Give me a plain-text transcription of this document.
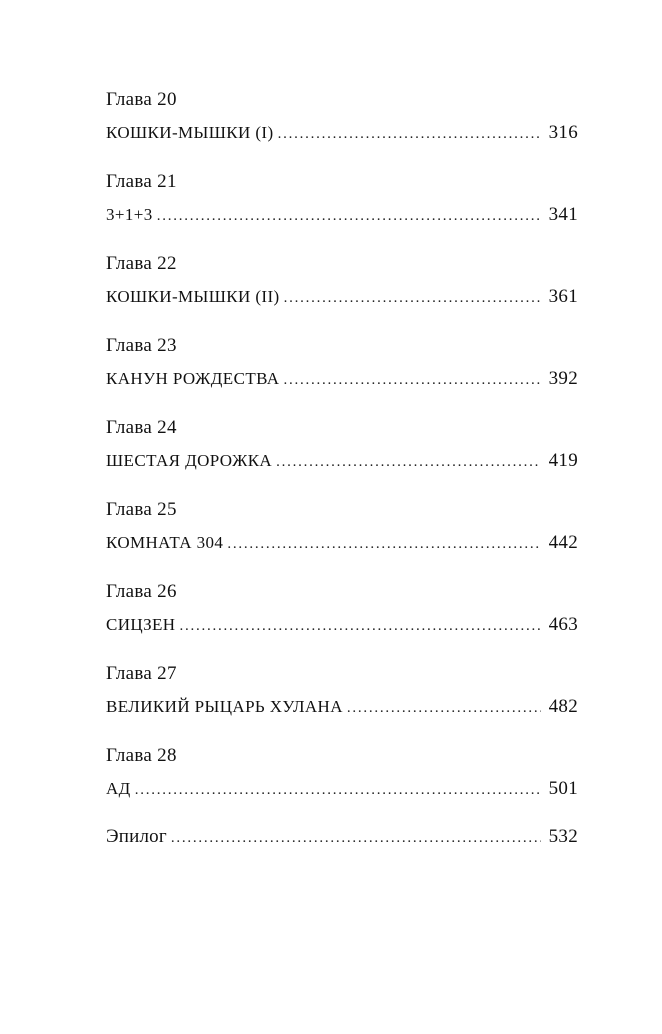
Глава 20
КОШКИ-МЫШКИ (I) . . .	316
Глава 21
3+1+3 . . .	341
Глава 22
КОШКИ-МЫШКИ (II) . . .	361
Глава 23
КАНУН РОЖДЕСТВА . . .	392
Глава 24
ШЕСТАЯ ДОРОЖКА . . .	419
Глава 25
КОМНАТА 304 . . .	442
Глава 26
СИЦЗЕН . . .	463
Глава 27
ВЕЛИКИЙ РЫЦАРЬ ХУЛАНА . . .	482
Глава 28
АД . . .	501
Эпилог . . .	532
